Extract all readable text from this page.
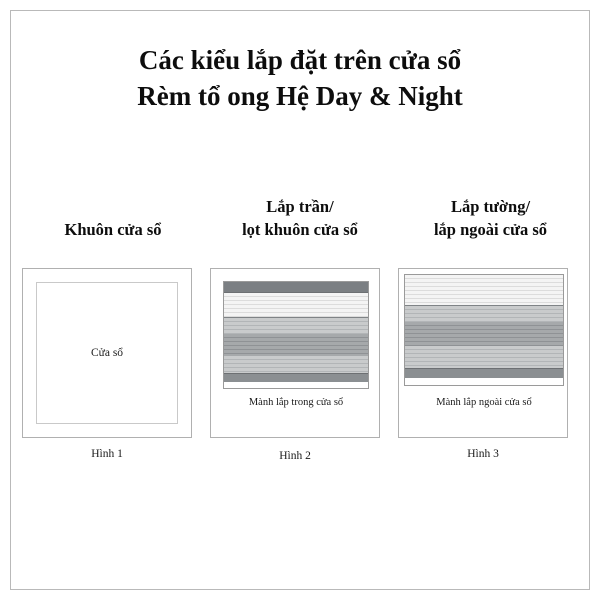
Các kiểu lắp đặt trên cửa sổ
Rèm tổ ong Hệ Day & Night
Khuôn cửa sổ
Lắp trần/
lọt khuôn cửa sổ
Lắp tường/
lắp ngoài cửa sổ
Cửa sổ
Mành lắp trong cửa sổ	Mành lắp ngoài cửa sổ
Hình 1	Hình 2	Hình 3
